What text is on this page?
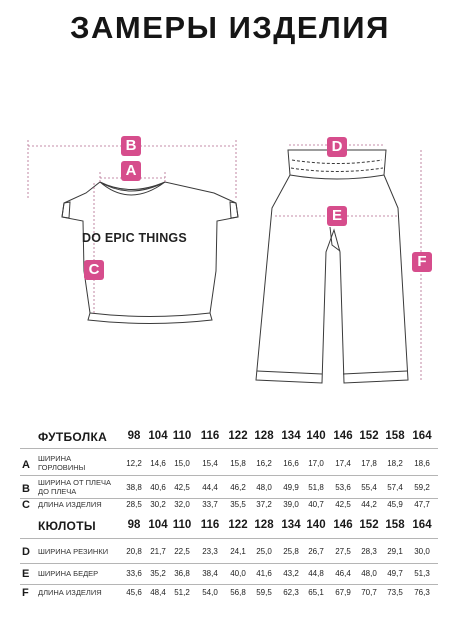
ЗАМЕРЫ ИЗДЕЛИЯ
DO EPIC THINGS
B
A
C
D
E
F
ФУТБОЛКА	98 104 110 116 122 128 134 140 146 152 158 164
A
ШИРИНА
ГОРЛОВИНЫ	12,2	14,6	15,0	15,4	15,8	16,2	16,6	17,0	17,4	17,8	18,2	18,6
B
ШИРИНА ОТ ПЛЕЧА
ДО ПЛЕЧА	38,8	40,6	42,5	44,4	46,2	48,0	49,9	51,8	53,6	55,4	57,4	59,2
C ДЛИНА ИЗДЕЛИЯ	28,5	30,2	32,0	33,7	35,5	37,2	39,0	40,7	42,5	44,2	45,9	47,7
КЮЛОТЫ	98 104 110 116 122 128 134 140 146 152 158 164
D ШИРИНА РЕЗИНКИ	20,8	21,7	22,5	23,3	24,1	25,0	25,8	26,7	27,5	28,3	29,1	30,0
E ШИРИНА БЕДЕР	33,6	35,2	36,8	38,4	40,0	41,6	43,2	44,8	46,4	48,0	49,7	51,3
F ДЛИНА ИЗДЕЛИЯ	45,6	48,4	51,2	54,0	56,8	59,5	62,3	65,1	67,9	70,7	73,5	76,3
